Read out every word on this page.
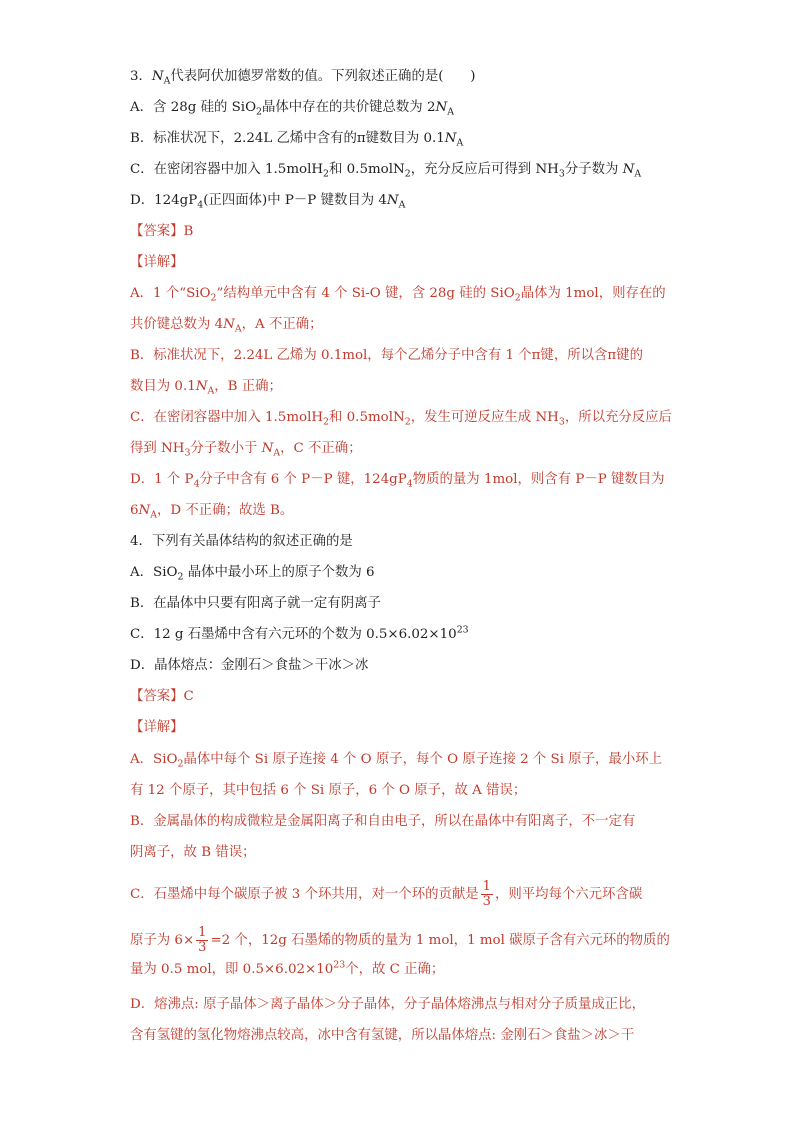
3．$N_A$代表阿伏加德罗常数的值。下列叙述正确的是(　　)
A．含 28g 硅的 SiO$_2$晶体中存在的共价键总数为 $2N_A$
B．标准状况下，2.24L 乙烯中含有的π键数目为 $0.1N_A$
C．在密闭容器中加入 1.5molH$_2$和 0.5molN$_2$，充分反应后可得到 $NH_3$分子数为 $N_A$
D．$124gP_4$(正四面体)中 P－P 键数目为 $4N_A$
【答案】B
【详解】
A．1 个“SiO$_2$”结构单元中含有 4 个 Si-O 键，含 28g 硅的 SiO$_2$晶体为 1mol，则存在的
共价键总数为 $4N_A$，A 不正确；
B．标准状况下，2.24L 乙烯为 0.1mol，每个乙烯分子中含有 1 个π键，所以含π键的
数目为 $0.1N_A$，B 正确；
C．在密闭容器中加入 1.5molH$_2$和 0.5molN$_2$，发生可逆反应生成 $NH_3$，所以充分反应后
得到 $NH_3$分子数小于 $N_A$，C 不正确；
D．1 个 $P_4$分子中含有 6 个 P－P 键，$124gP_4$物质的量为 1mol，则含有 P－P 键数目为
$6N_A$，D 不正确；故选 B。
4．下列有关晶体结构的叙述正确的是
A．SiO$_2$ 晶体中最小环上的原子个数为 6
B．在晶体中只要有阳离子就一定有阴离子
C．12 g 石墨烯中含有六元环的个数为 $0.5\times 6.02\times 10^{23}$
D．晶体熔点：金刚石＞食盐＞干冰＞冰
【答案】C
【详解】
A．SiO$_2$晶体中每个 Si 原子连接 4 个 O 原子，每个 O 原子连接 2 个 Si 原子，最小环上
有 12 个原子，其中包括 6 个 Si 原子，6 个 O 原子，故 A 错误；
B．金属晶体的构成微粒是金属阳离子和自由电子，所以在晶体中有阳离子，不一定有
阴离子，故 B 错误；
C．石墨烯中每个碳原子被 3 个环共用，对一个环的贡献是 $\frac{1}{3}$ ，则平均每个六元环含碳
原子为 $6\times \frac{1}{3} =2$ 个，12g 石墨烯的物质的量为 1 mol，1 mol 碳原子含有六元环的物质的
量为 0.5 mol，即 $0.5\times 6.02\times 10^{23}$个，故 C 正确；
D．熔沸点: 原子晶体＞离子晶体＞分子晶体，分子晶体熔沸点与相对分子质量成正比，
含有氢键的氢化物熔沸点较高，冰中含有氢键，所以晶体熔点: 金刚石＞食盐＞冰＞干
